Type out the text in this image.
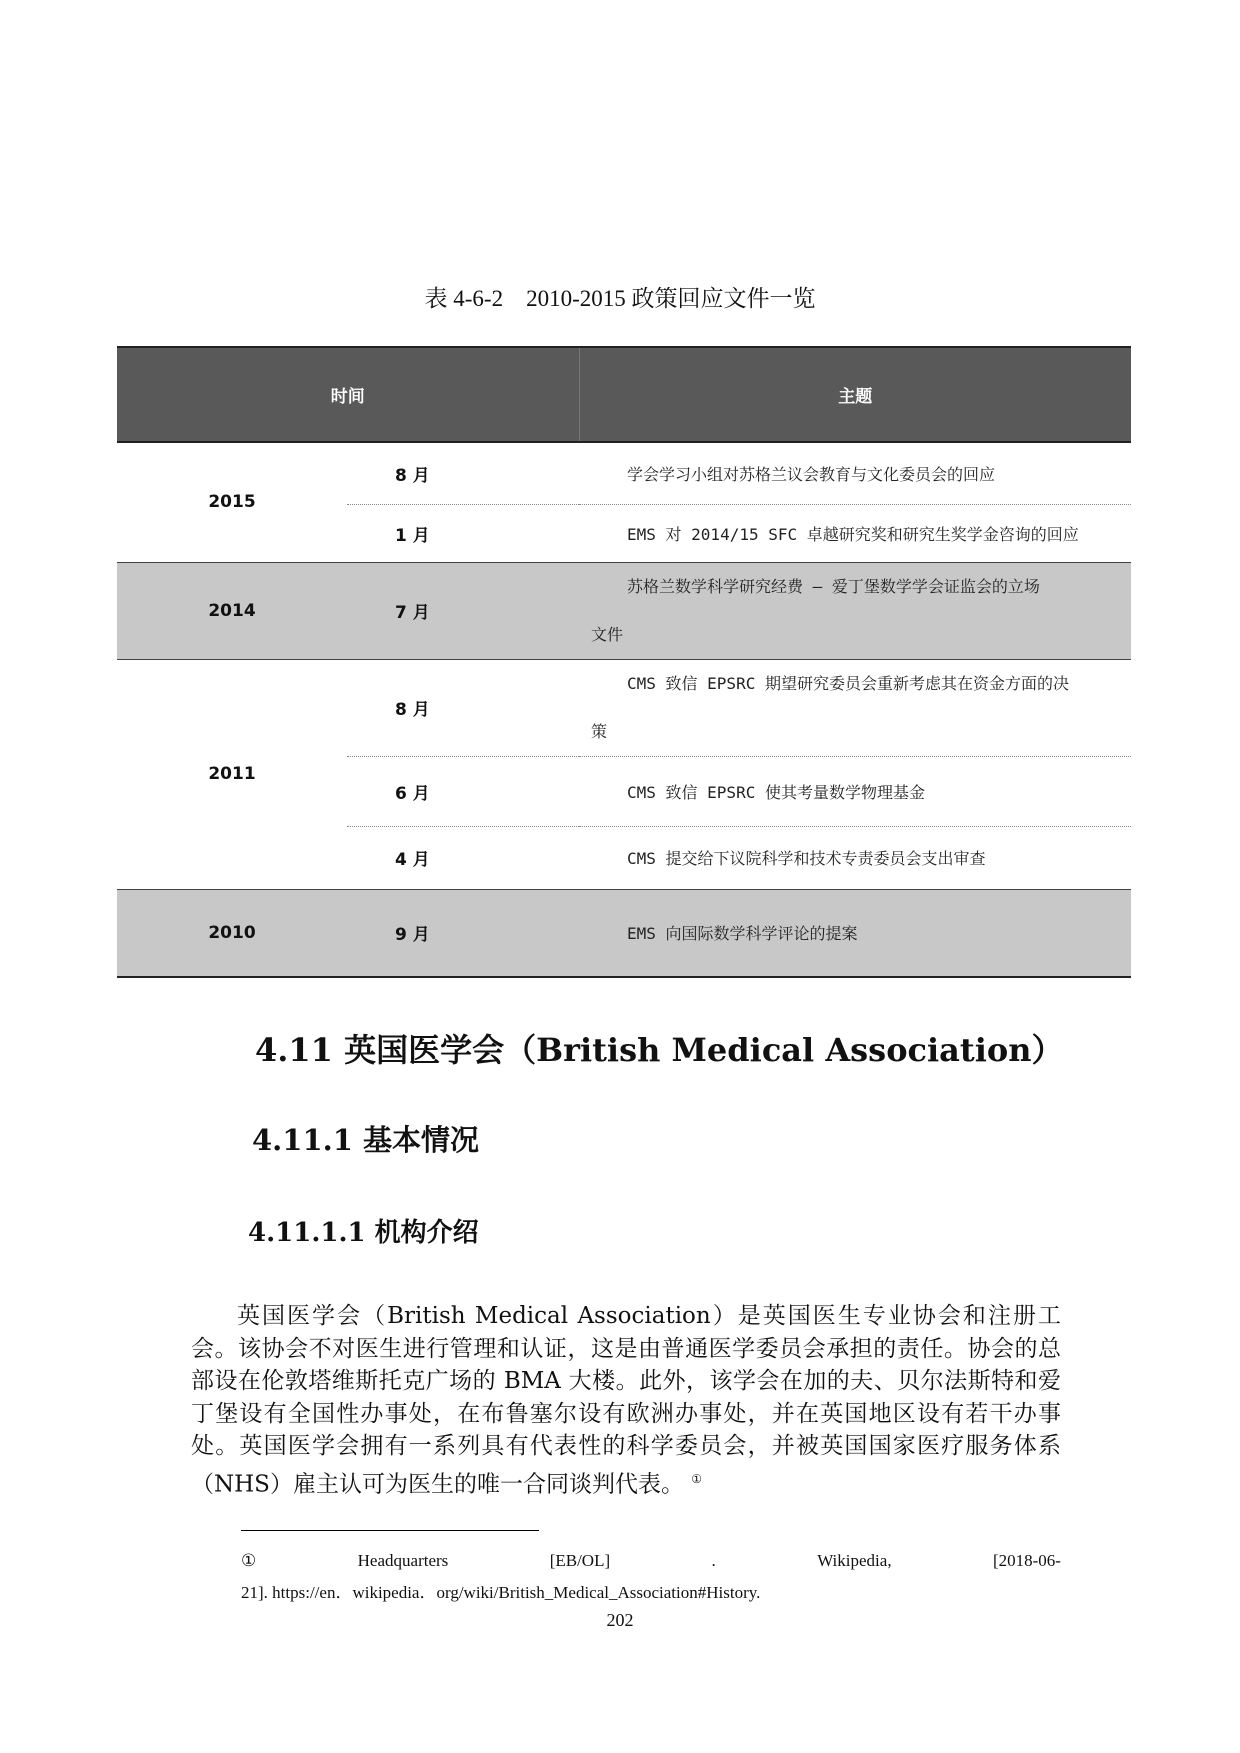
表 4-6-2　2010-2015 政策回应文件一览
时间		主题
2015	8 月	学会学习小组对苏格兰议会教育与文化委员会的回应
	1 月	EMS 对 2014/15 SFC 卓越研究奖和研究生奖学金咨询的回应
2014	7 月	苏格兰数学科学研究经费 – 爱丁堡数学学会证监会的立场
文件
2011	8 月	CMS 致信 EPSRC 期望研究委员会重新考虑其在资金方面的决
策
	6 月	CMS 致信 EPSRC 使其考量数学物理基金
	4 月	CMS 提交给下议院科学和技术专责委员会支出审查
2010	9 月	EMS 向国际数学科学评论的提案
4.11 英国医学会（British Medical Association）
4.11.1 基本情况
4.11.1.1 机构介绍

英国医学会（British Medical Association）是英国医生专业协会和注册工会。该协会不对医生进行管理和认证，这是由普通医学委员会承担的责任。协会的总部设在伦敦塔维斯托克广场的 BMA 大楼。此外，该学会在加的夫、贝尔法斯特和爱丁堡设有全国性办事处，在布鲁塞尔设有欧洲办事处，并在英国地区设有若干办事处。英国医学会拥有一系列具有代表性的科学委员会，并被英国国家医疗服务体系（NHS）雇主认可为医生的唯一合同谈判代表。 ①

①	Headquarters	[EB/OL]	.	Wikipedia,	[2018-06-
21]. https://en．wikipedia．org/wiki/British_Medical_Association#History.
202
